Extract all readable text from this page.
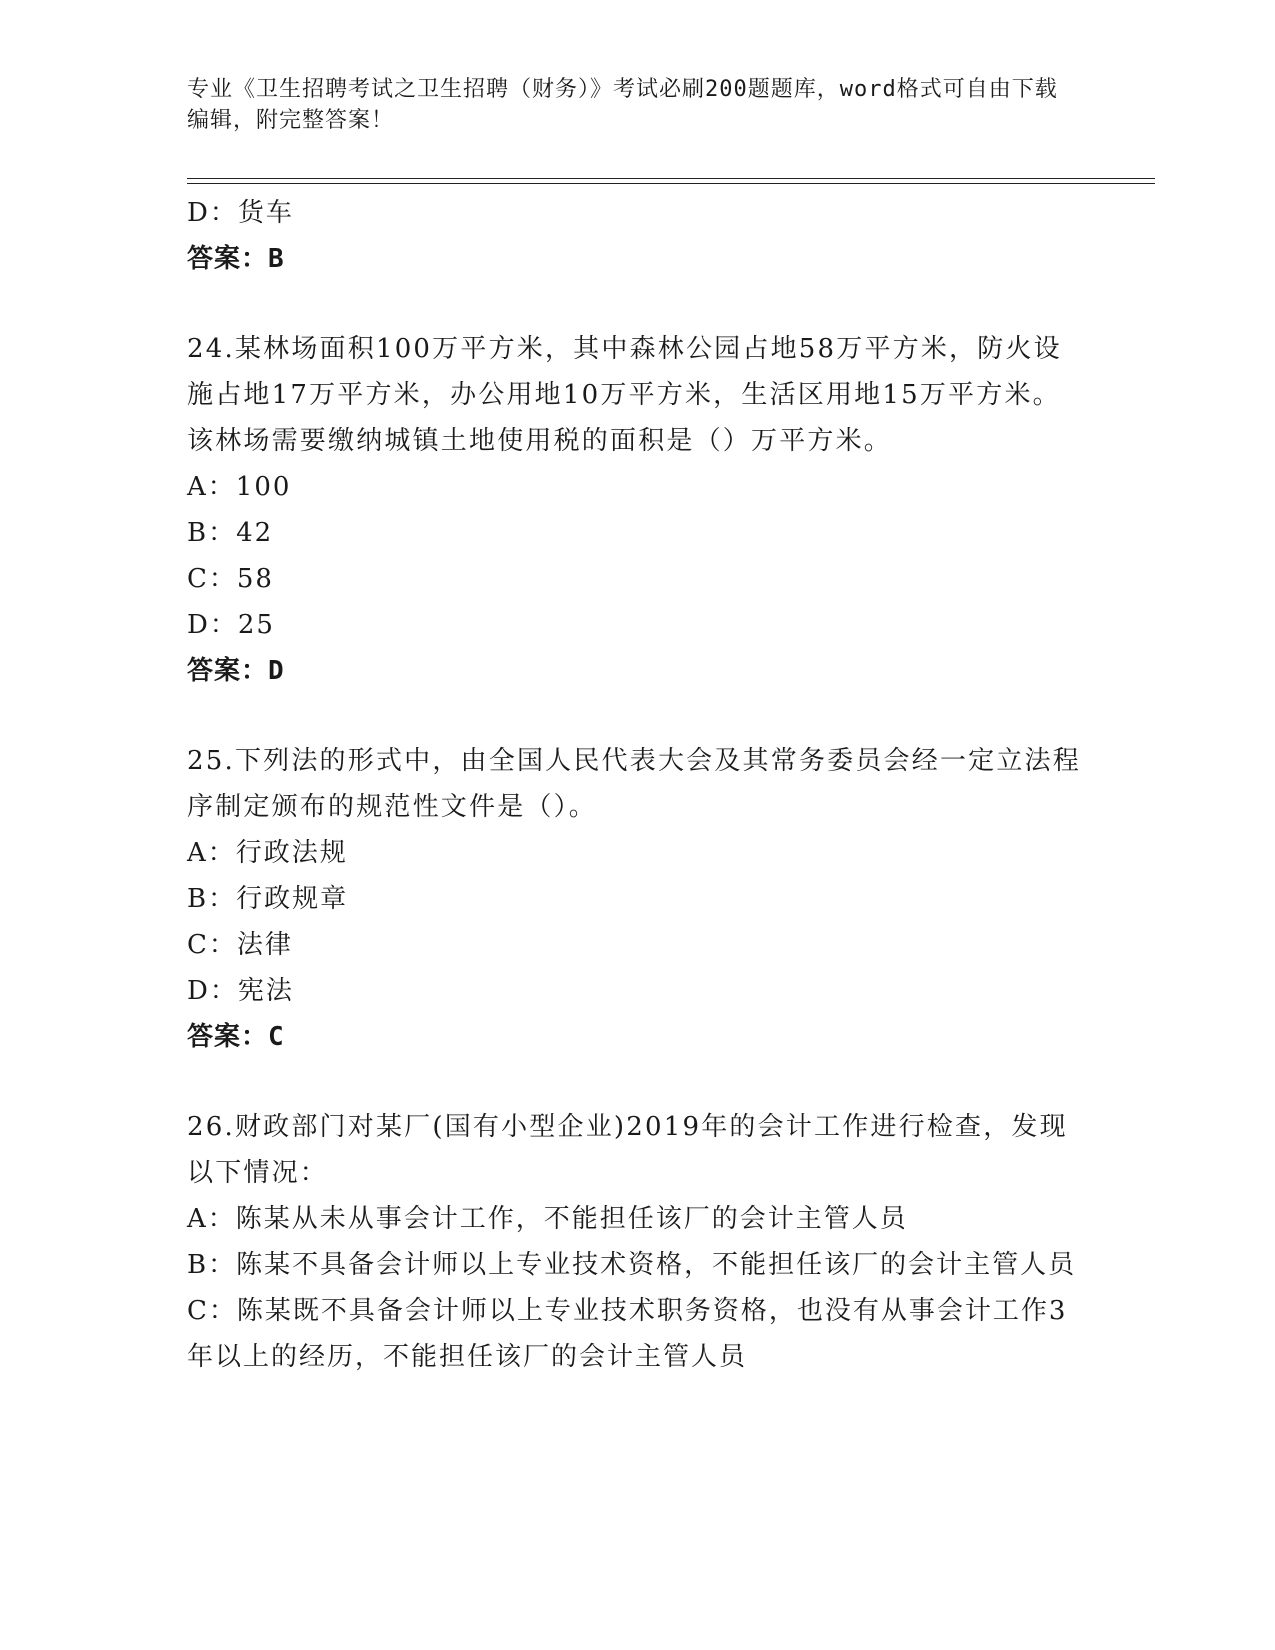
专业《卫生招聘考试之卫生招聘（财务）》考试必刷200题题库，word格式可自由下载编辑，附完整答案！
D：货车
答案：B
24.某林场面积100万平方米，其中森林公园占地58万平方米，防火设施占地17万平方米，办公用地10万平方米，生活区用地15万平方米。该林场需要缴纳城镇土地使用税的面积是（）万平方米。
A：100
B：42
C：58
D：25
答案：D
25.下列法的形式中，由全国人民代表大会及其常务委员会经一定立法程序制定颁布的规范性文件是（）。
A：行政法规
B：行政规章
C：法律
D：宪法
答案：C
26.财政部门对某厂(国有小型企业)2019年的会计工作进行检查，发现以下情况：
A：陈某从未从事会计工作，不能担任该厂的会计主管人员
B：陈某不具备会计师以上专业技术资格，不能担任该厂的会计主管人员
C：陈某既不具备会计师以上专业技术职务资格，也没有从事会计工作3年以上的经历，不能担任该厂的会计主管人员
